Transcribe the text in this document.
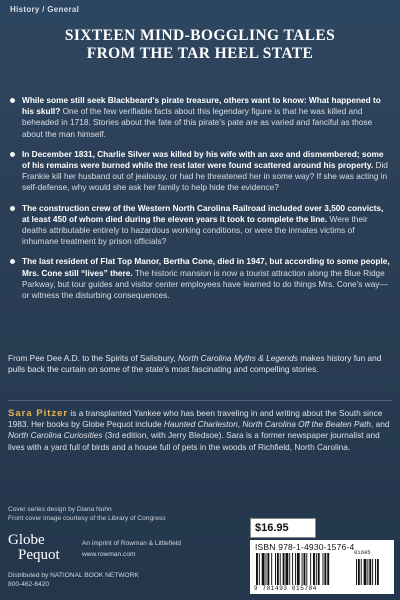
History / General
SIXTEEN MIND-BOGGLING TALES
FROM THE TAR HEEL STATE
While some still seek Blackbeard's pirate treasure, others want to know: What happened to his skull? One of the few verifiable facts about this legendary figure is that he was killed and beheaded in 1718. Stories about the fate of this pirate's pate are as varied and fanciful as those about the man himself.
In December 1831, Charlie Silver was killed by his wife with an axe and dismembered; some of his remains were burned while the rest later were found scattered around his property. Did Frankie kill her husband out of jealousy, or had he threatened her in some way? If she was acting in self-defense, why would she ask her family to help hide the evidence?
The construction crew of the Western North Carolina Railroad included over 3,500 convicts, at least 450 of whom died during the eleven years it took to complete the line. Were their deaths attributable entirely to hazardous working conditions, or were the inmates victims of inhumane treatment by prison officials?
The last resident of Flat Top Manor, Bertha Cone, died in 1947, but according to some people, Mrs. Cone still “lives” there. The historic mansion is now a tourist attraction along the Blue Ridge Parkway, but tour guides and visitor center employees have learned to do things Mrs. Cone's way—or witness the disturbing consequences.

From Pee Dee A.D. to the Spirits of Salisbury, North Carolina Myths & Legends makes history fun and pulls back the curtain on some of the state's most fascinating and compelling stories.

Sara Pitzer is a transplanted Yankee who has been traveling in and writing about the South since 1983. Her books by Globe Pequot include Haunted Charleston, North Carolina Off the Beaten Path, and North Carolina Curiosities (3rd edition, with Jerry Bledsoe). Sara is a former newspaper journalist and lives with a yard full of birds and a house full of pets in the woods of Richfield, North Carolina.

Cover series design by Diana Nuhn
Front cover image courtesy of the Library of Congress
Globe
Pequot
An imprint of Rowman & Littlefield
www.rowman.com
Distributed by NATIONAL BOOK NETWORK
800-462-6420
$16.95
ISBN 978-1-4930-1576-4
01695
9 781493 015784
